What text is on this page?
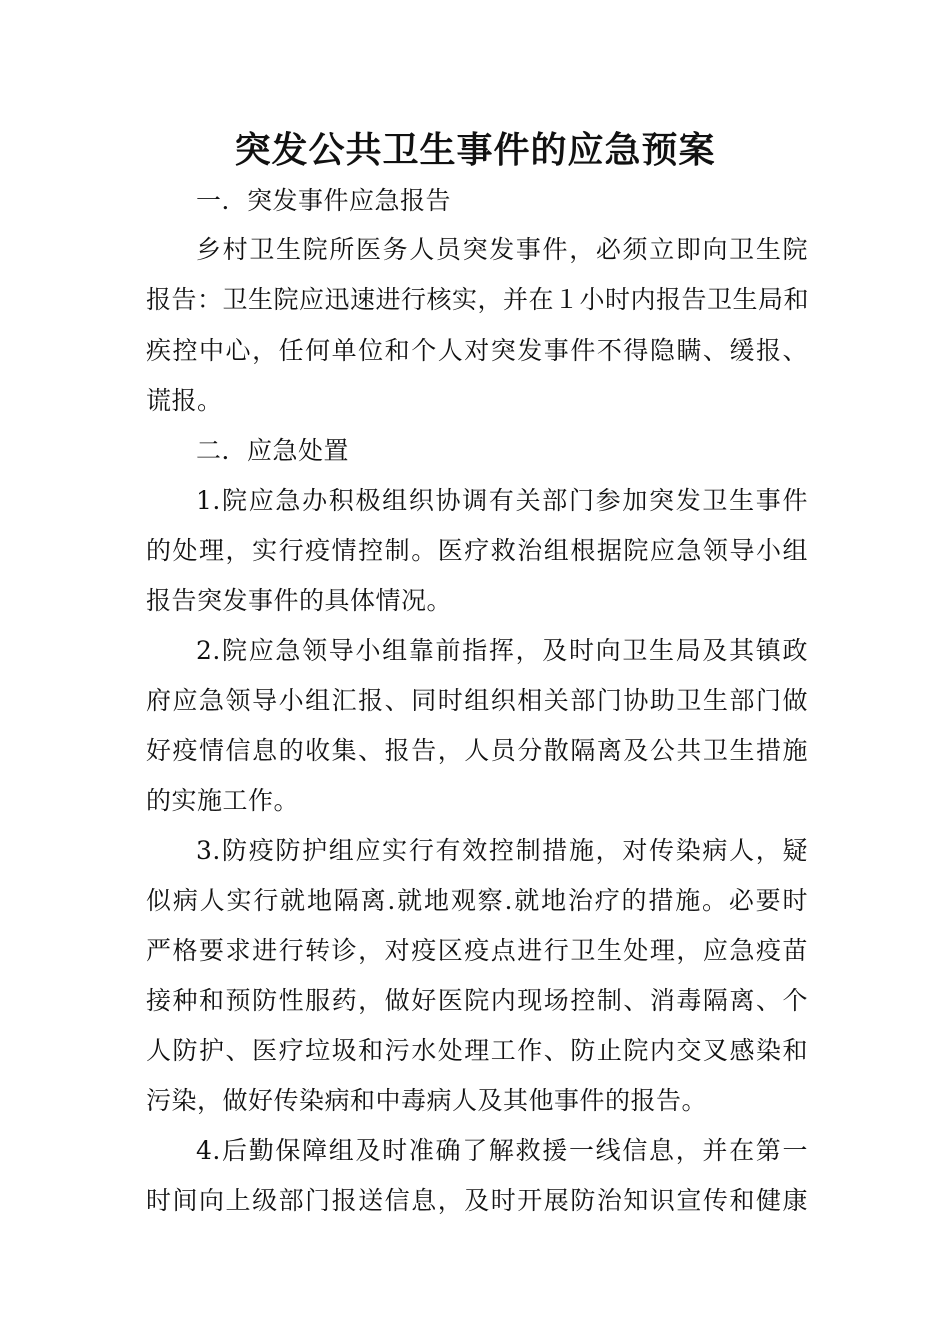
突发公共卫生事件的应急预案
一．突发事件应急报告
乡村卫生院所医务人员突发事件，必须立即向卫生院
报告：卫生院应迅速进行核实，并在１小时内报告卫生局和
疾控中心，任何单位和个人对突发事件不得隐瞒、缓报、
谎报。
二．应急处置
1.院应急办积极组织协调有关部门参加突发卫生事件
的处理，实行疫情控制。医疗救治组根据院应急领导小组
报告突发事件的具体情况。
2.院应急领导小组靠前指挥，及时向卫生局及其镇政
府应急领导小组汇报、同时组织相关部门协助卫生部门做
好疫情信息的收集、报告，人员分散隔离及公共卫生措施
的实施工作。
3.防疫防护组应实行有效控制措施，对传染病人，疑
似病人实行就地隔离.就地观察.就地治疗的措施。必要时
严格要求进行转诊，对疫区疫点进行卫生处理，应急疫苗
接种和预防性服药，做好医院内现场控制、消毒隔离、个
人防护、医疗垃圾和污水处理工作、防止院内交叉感染和
污染，做好传染病和中毒病人及其他事件的报告。
4.后勤保障组及时准确了解救援一线信息，并在第一
时间向上级部门报送信息，及时开展防治知识宣传和健康
